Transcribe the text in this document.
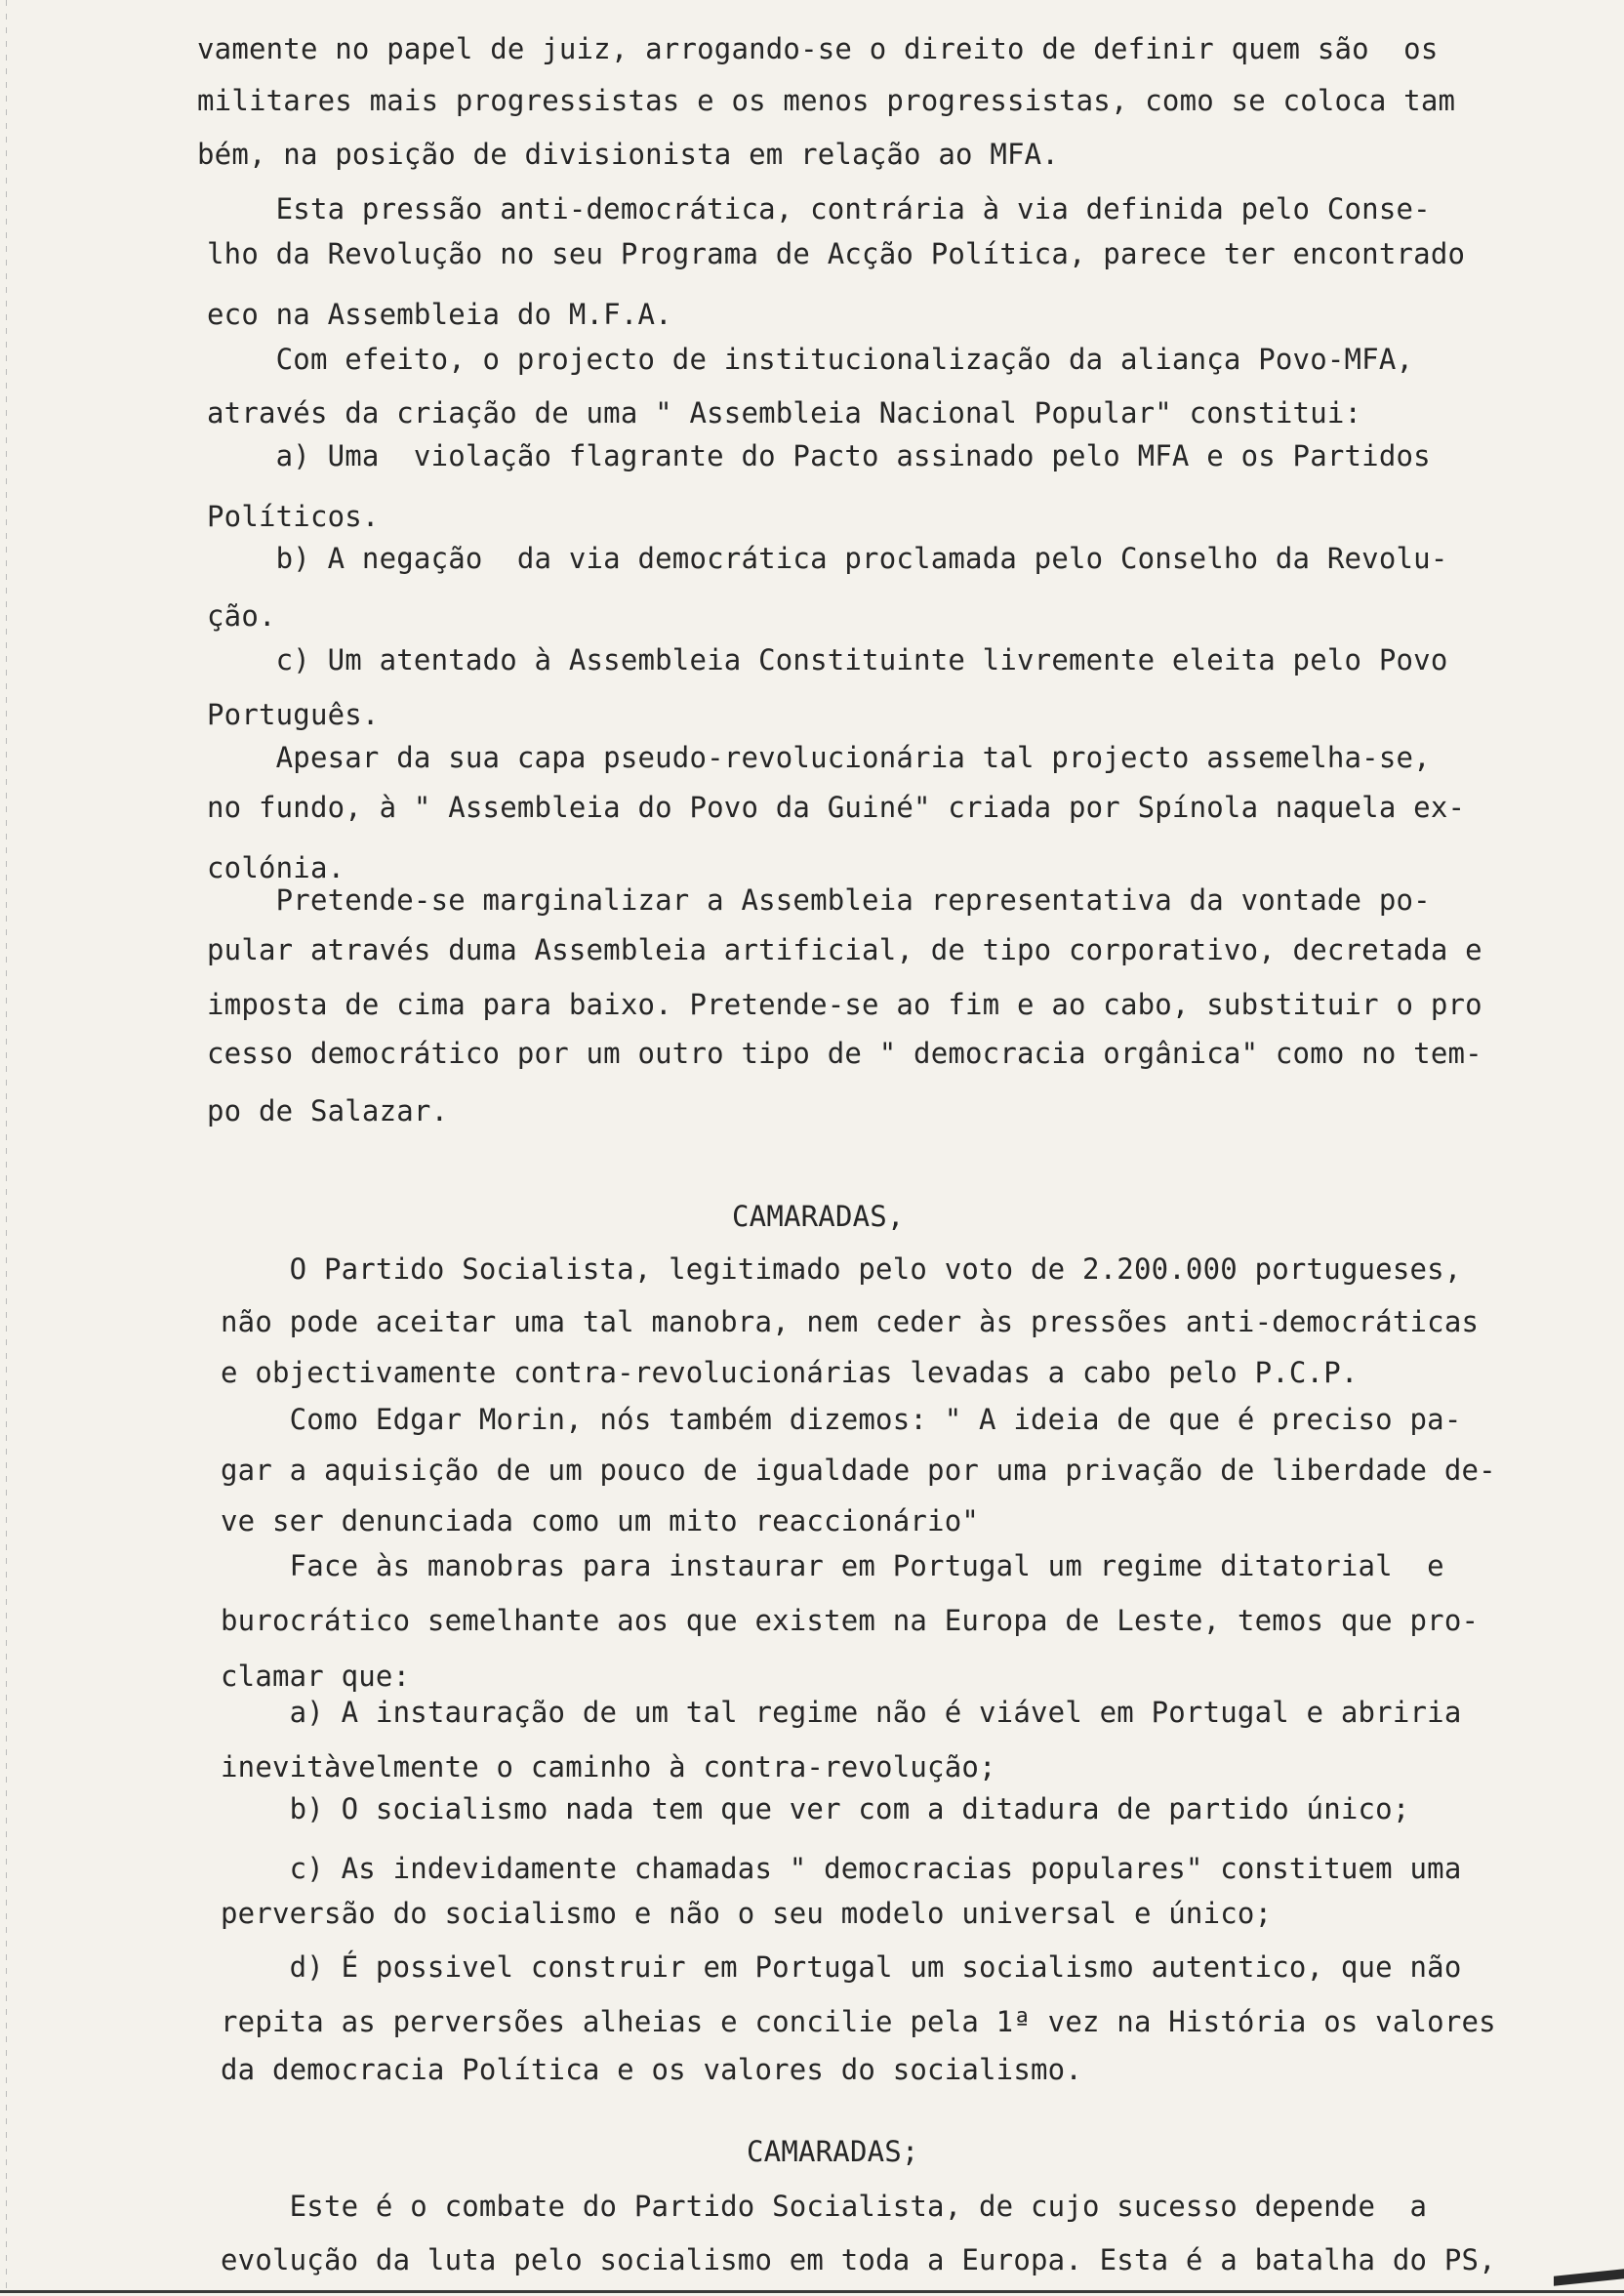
vamente no papel de juiz, arrogando-se o direito de definir quem são  os
militares mais progressistas e os menos progressistas, como se coloca tam
bém, na posição de divisionista em relação ao MFA.
Esta pressão anti-democrática, contrária à via definida pelo Conse-
lho da Revolução no seu Programa de Acção Política, parece ter encontrado
eco na Assembleia do M.F.A.
Com efeito, o projecto de institucionalização da aliança Povo-MFA,
através da criação de uma " Assembleia Nacional Popular" constitui:
a) Uma  violação flagrante do Pacto assinado pelo MFA e os Partidos
Políticos.
b) A negação  da via democrática proclamada pelo Conselho da Revolu-
ção.
c) Um atentado à Assembleia Constituinte livremente eleita pelo Povo
Português.
Apesar da sua capa pseudo-revolucionária tal projecto assemelha-se,
no fundo, à " Assembleia do Povo da Guiné" criada por Spínola naquela ex-
colónia.
Pretende-se marginalizar a Assembleia representativa da vontade po-
pular através duma Assembleia artificial, de tipo corporativo, decretada e
imposta de cima para baixo. Pretende-se ao fim e ao cabo, substituir o pro
cesso democrático por um outro tipo de " democracia orgânica" como no tem-
po de Salazar.
CAMARADAS,
O Partido Socialista, legitimado pelo voto de 2.200.000 portugueses,
não pode aceitar uma tal manobra, nem ceder às pressões anti-democráticas
e objectivamente contra-revolucionárias levadas a cabo pelo P.C.P.
Como Edgar Morin, nós também dizemos: " A ideia de que é preciso pa-
gar a aquisição de um pouco de igualdade por uma privação de liberdade de-
ve ser denunciada como um mito reaccionário"
Face às manobras para instaurar em Portugal um regime ditatorial  e
burocrático semelhante aos que existem na Europa de Leste, temos que pro-
clamar que:
a) A instauração de um tal regime não é viável em Portugal e abriria
inevitàvelmente o caminho à contra-revolução;
b) O socialismo nada tem que ver com a ditadura de partido único;
c) As indevidamente chamadas " democracias populares" constituem uma
perversão do socialismo e não o seu modelo universal e único;
d) É possivel construir em Portugal um socialismo autentico, que não
repita as perversões alheias e concilie pela 1ª vez na História os valores
da democracia Política e os valores do socialismo.
CAMARADAS;
Este é o combate do Partido Socialista, de cujo sucesso depende  a
evolução da luta pelo socialismo em toda a Europa. Esta é a batalha do PS,
